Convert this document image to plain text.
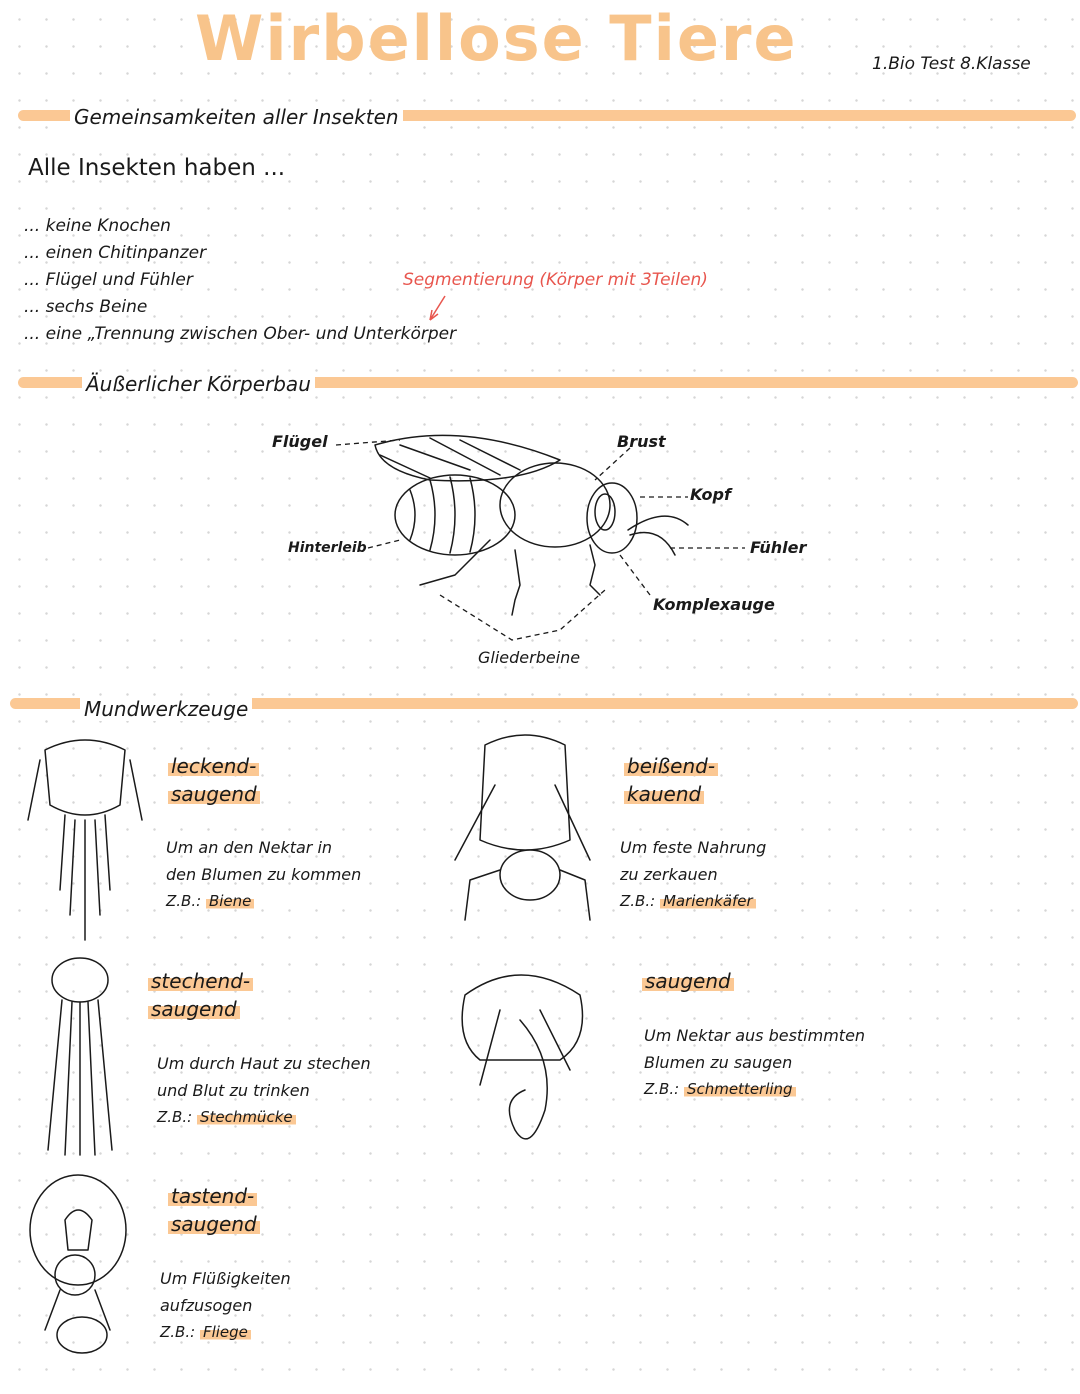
Wirbellose Tiere	1.Bio Test 8.Klasse
Gemeinsamkeiten aller Insekten
Alle Insekten haben ...
... keine Knochen
... einen Chitinpanzer
... Flügel und Fühler
... sechs Beine
... eine „Trennung zwischen Ober- und Unterkörper
Segmentierung (Körper mit 3Teilen)
Äußerlicher Körperbau
Flügel	Brust
Kopf
Fühler
Hinterleib
Komplexauge
Gliederbeine
Mundwerkzeuge
leckend-
saugend
Um an den Nektar in
den Blumen zu kommen
Z.B.: Biene
beißend-
kauend
Um feste Nahrung
zu zerkauen
Z.B.: Marienkäfer
stechend-
saugend
Um durch Haut zu stechen
und Blut zu trinken
Z.B.: Stechmücke
saugend
Um Nektar aus bestimmten
Blumen zu saugen
Z.B.: Schmetterling
tastend-
saugend
Um Flüßigkeiten
aufzusogen
Z.B.: Fliege
